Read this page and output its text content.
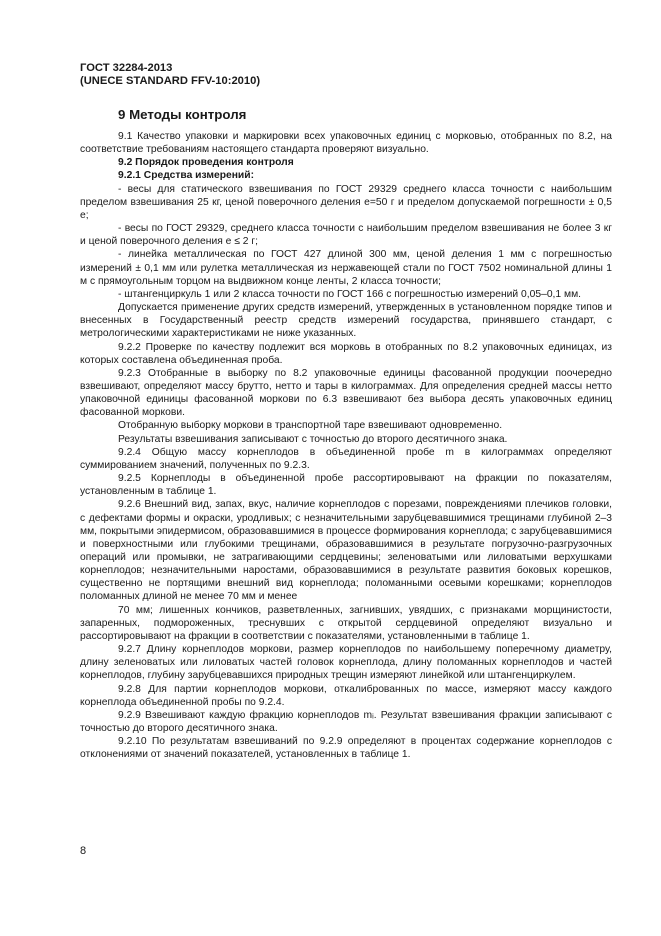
ГОСТ 32284-2013
(UNECE STANDARD FFV-10:2010)
9 Методы контроля

9.1 Качество упаковки и маркировки всех упаковочных единиц с морковью, отобранных по 8.2, на соответствие требованиям настоящего стандарта проверяют визуально.

9.2 Порядок проведения контроля

9.2.1 Средства измерений:

- весы для статического взвешивания по ГОСТ 29329 среднего класса точности с наибольшим пределом взвешивания 25 кг, ценой поверочного деления е=50 г и пределом допускаемой погрешности ± 0,5 е;

- весы по ГОСТ 29329, среднего класса точности с наибольшим пределом взвешивания не более 3 кг и ценой поверочного деления е ≤ 2 г;

- линейка металлическая по ГОСТ 427 длиной 300 мм, ценой деления 1 мм с погрешностью измерений ± 0,1 мм или рулетка металлическая из нержавеющей стали по ГОСТ 7502 номинальной длины 1 м с прямоугольным торцом на выдвижном конце ленты, 2 класса точности;

- штангенциркуль 1 или 2 класса точности по ГОСТ 166 с погрешностью измерений 0,05–0,1 мм.

Допускается применение других средств измерений, утвержденных в установленном порядке типов и внесенных в Государственный реестр средств измерений государства, принявшего стандарт, с метрологическими характеристиками не ниже указанных.

9.2.2 Проверке по качеству подлежит вся морковь в отобранных по 8.2 упаковочных единицах, из которых составлена объединенная проба.

9.2.3 Отобранные в выборку по 8.2 упаковочные единицы фасованной продукции поочередно взвешивают, определяют массу брутто, нетто и тары в килограммах. Для определения средней массы нетто упаковочной единицы фасованной моркови по 6.3 взвешивают без выбора десять упаковочных единиц фасованной моркови.

Отобранную выборку моркови в транспортной таре взвешивают одновременно.

Результаты взвешивания записывают с точностью до второго десятичного знака.

9.2.4 Общую массу корнеплодов в объединенной пробе m в килограммах определяют суммированием значений, полученных по 9.2.3.

9.2.5 Корнеплоды в объединенной пробе рассортировывают на фракции по показателям, установленным в таблице 1.

9.2.6 Внешний вид, запах, вкус, наличие корнеплодов с порезами, повреждениями плечиков головки, с дефектами формы и окраски, уродливых; с незначительными зарубцевавшимися трещинами глубиной 2–3 мм, покрытыми эпидермисом, образовавшимися в процессе формирования корнеплода; с зарубцевавшимися и поверхностными или глубокими трещинами, образовавшимися в результате погрузочно-разгрузочных операций или промывки, не затрагивающими сердцевины; зеленоватыми или лиловатыми верхушками корнеплодов; незначительными наростами, образовавшимися в результате развития боковых корешков, существенно не портящими внешний вид корнеплода; поломанными осевыми корешками; корнеплодов поломанных длиной не менее 70 мм и менее

70 мм; лишенных кончиков, разветвленных, загнивших, увядших, с признаками морщинистости, запаренных, подмороженных, треснувших с открытой сердцевиной определяют визуально и рассортировывают на фракции в соответствии с показателями, установленными в таблице 1.

9.2.7 Длину корнеплодов моркови, размер корнеплодов по наибольшему поперечному диаметру, длину зеленоватых или лиловатых частей головок корнеплода, длину поломанных корнеплодов и частей корнеплодов, глубину зарубцевавшихся природных трещин измеряют линейкой или штангенциркулем.

9.2.8 Для партии корнеплодов моркови, откалиброванных по массе, измеряют массу каждого корнеплода объединенной пробы по 9.2.4.

9.2.9 Взвешивают каждую фракцию корнеплодов mᵢ. Результат взвешивания фракции записывают с точностью до второго десятичного знака.

9.2.10 По результатам взвешиваний по 9.2.9 определяют в процентах содержание корнеплодов с отклонениями от значений показателей, установленных в таблице 1.

8
